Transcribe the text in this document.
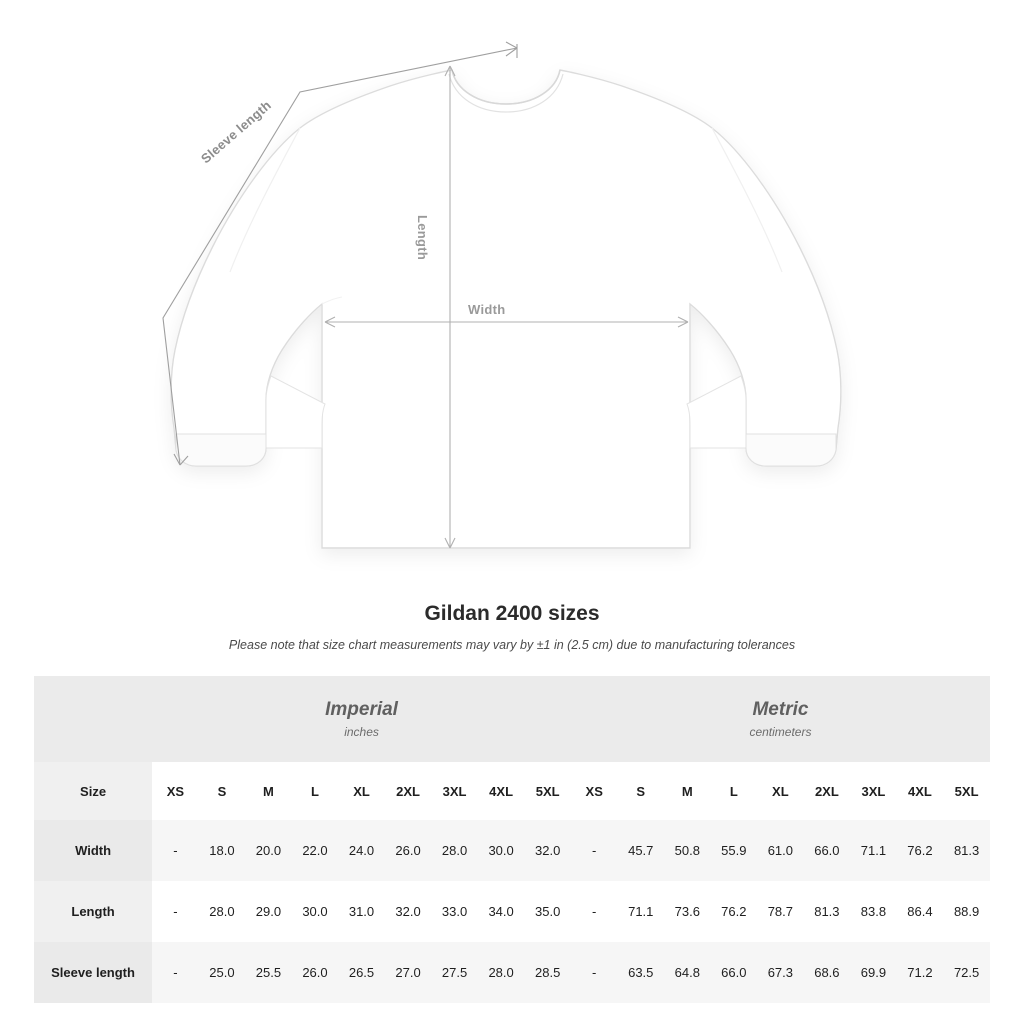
Width
Length
Sleeve length
Gildan 2400 sizes
Please note that size chart measurements may vary by ±1 in (2.5 cm) due to manufacturing tolerances

Imperial
inches

Metric
centimeters

Size	XS	S	M	L	XL	2XL	3XL	4XL	5XL	XS	S	M	L	XL	2XL	3XL	4XL	5XL
Width	-	18.0	20.0	22.0	24.0	26.0	28.0	30.0	32.0	-	45.7	50.8	55.9	61.0	66.0	71.1	76.2	81.3
Length	-	28.0	29.0	30.0	31.0	32.0	33.0	34.0	35.0	-	71.1	73.6	76.2	78.7	81.3	83.8	86.4	88.9
Sleeve length	-	25.0	25.5	26.0	26.5	27.0	27.5	28.0	28.5	-	63.5	64.8	66.0	67.3	68.6	69.9	71.2	72.5
